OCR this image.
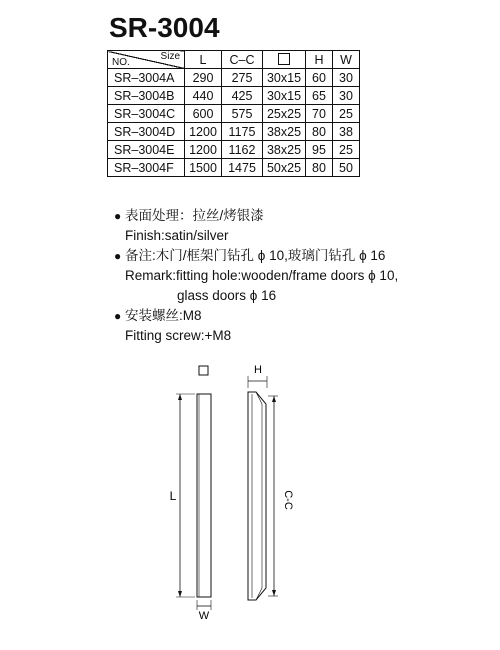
SR-3004
Size
NO.	L	C–C		H	W
SR–3004A	290	275	30x15	60	30
SR–3004B	440	425	30x15	65	30
SR–3004C	600	575	25x25	70	25
SR–3004D	1200	1175	38x25	80	38
SR–3004E	1200	1162	38x25	95	25
SR–3004F	1500	1475	50x25	80	50
● 表面处理：拉丝/烤银漆
Finish:satin/silver
● 备注:木门/框架门钻孔 ϕ 10,玻璃门钻孔 ϕ 16
Remark:fitting hole:wooden/frame doors ϕ 10,
glass doors ϕ 16
● 安装螺丝:M8
Fitting screw:+M8
L
W
H
C-C
